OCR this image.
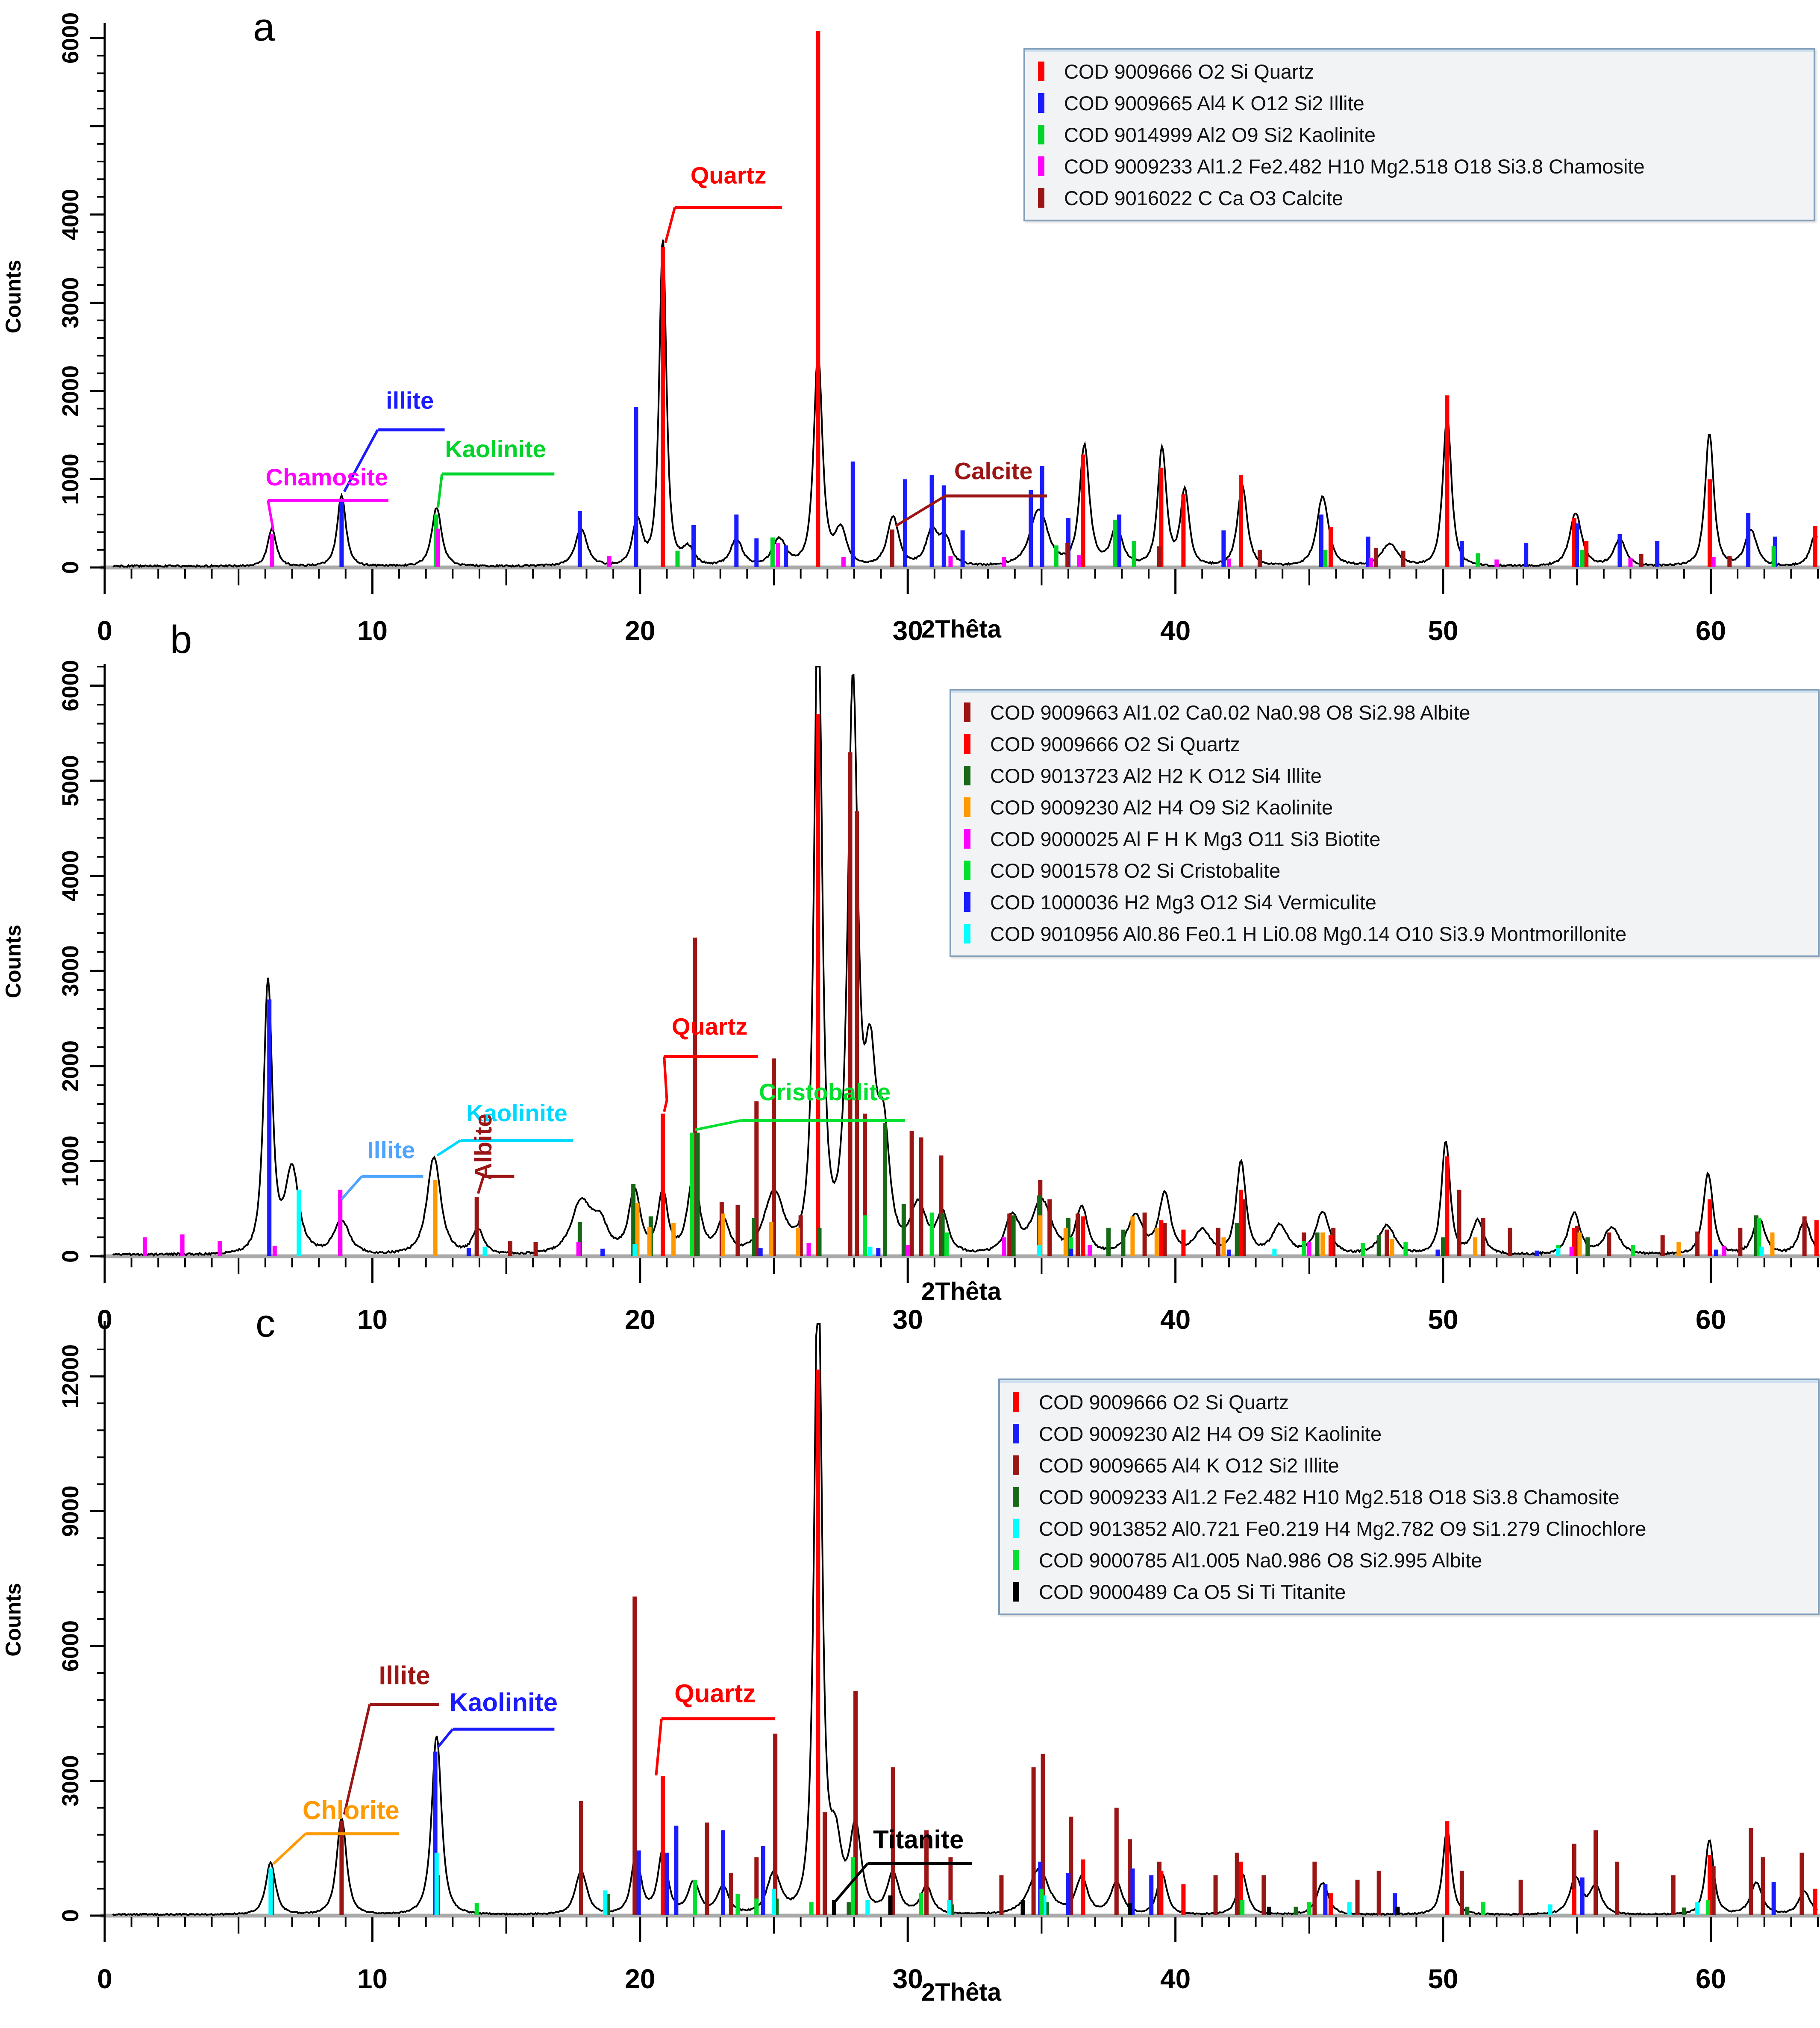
0	10	20	30	40	50	60
0
1000
2000
3000
4000
6000
Quartz
illite
Kaolinite
Chamosite	Calcite
0	10	20	30	40	50	60
0
1000
2000
3000
4000
5000
6000
Quartz
Cristobalite
Kaolinite
Illite Albite
0	10	20	30	40	50	60
0
3000
6000
9000
12000
Illite
Kaolinite
Chlorite
Quartz
Titanite
a
b
c
Counts
Counts
Counts
2Thêta
2Thêta
2Thêta
COD 9009666 O2 Si Quartz
COD 9009665 Al4 K O12 Si2 Illite
COD 9014999 Al2 O9 Si2 Kaolinite
COD 9009233 Al1.2 Fe2.482 H10 Mg2.518 O18 Si3.8 Chamosite
COD 9016022 C Ca O3 Calcite
COD 9009663 Al1.02 Ca0.02 Na0.98 O8 Si2.98 Albite
COD 9009666 O2 Si Quartz
COD 9013723 Al2 H2 K O12 Si4 Illite
COD 9009230 Al2 H4 O9 Si2 Kaolinite
COD 9000025 Al F H K Mg3 O11 Si3 Biotite
COD 9001578 O2 Si Cristobalite
COD 1000036 H2 Mg3 O12 Si4 Vermiculite
COD 9010956 Al0.86 Fe0.1 H Li0.08 Mg0.14 O10 Si3.9 Montmorillonite
COD 9009666 O2 Si Quartz
COD 9009230 Al2 H4 O9 Si2 Kaolinite
COD 9009665 Al4 K O12 Si2 Illite
COD 9009233 Al1.2 Fe2.482 H10 Mg2.518 O18 Si3.8 Chamosite
COD 9013852 Al0.721 Fe0.219 H4 Mg2.782 O9 Si1.279 Clinochlore
COD 9000785 Al1.005 Na0.986 O8 Si2.995 Albite
COD 9000489 Ca O5 Si Ti Titanite
